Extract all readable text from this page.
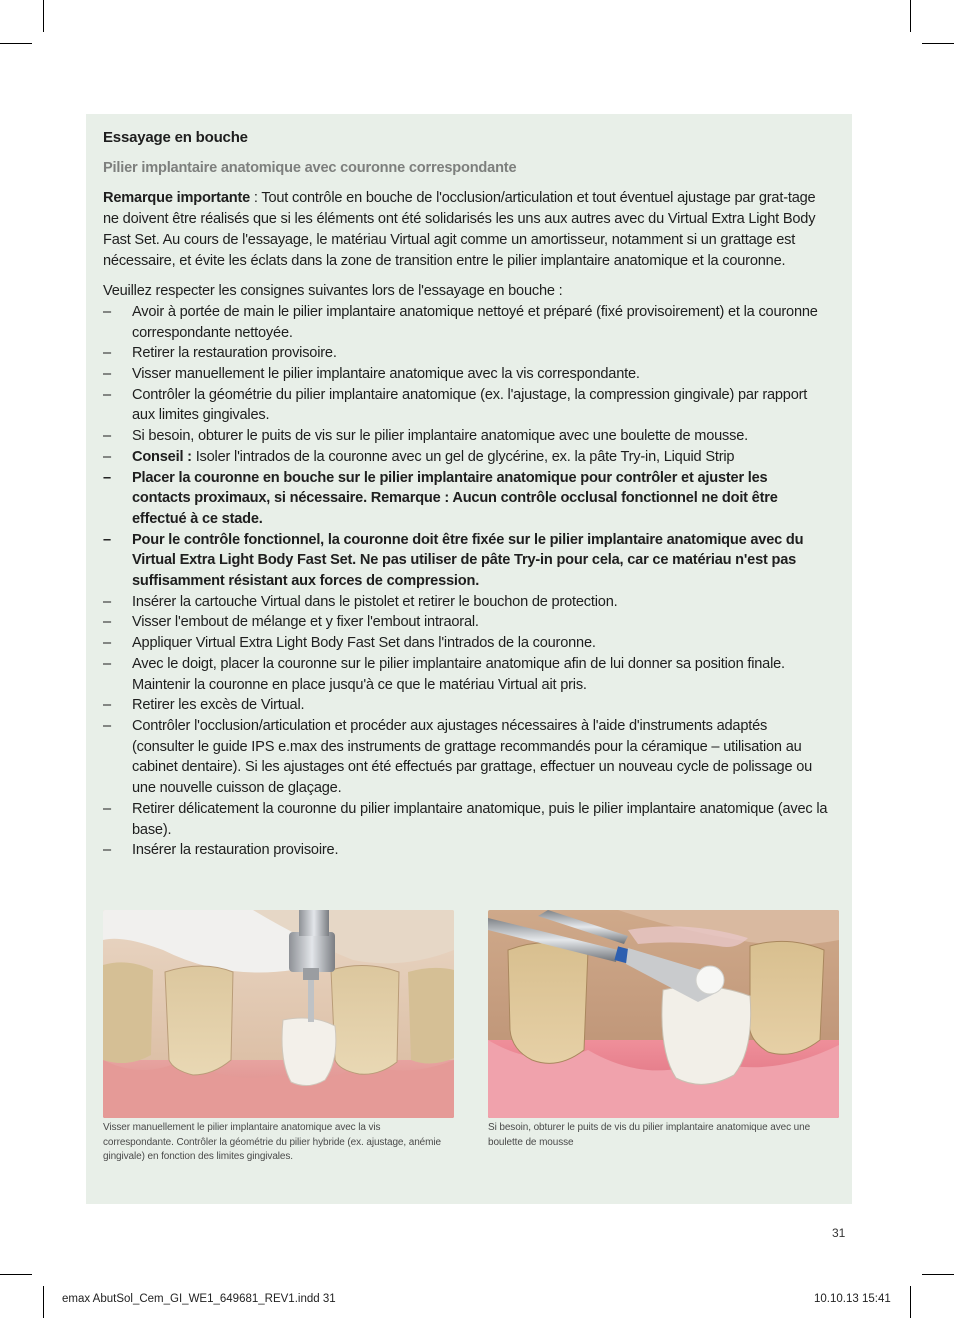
Essayage en bouche
Pilier implantaire anatomique avec couronne correspondante

Remarque importante : Tout contrôle en bouche de l'occlusion/articulation et tout éventuel ajustage par grat-tage ne doivent être réalisés que si les éléments ont été solidarisés les uns aux autres avec du Virtual Extra Light Body Fast Set. Au cours de l'essayage, le matériau Virtual agit comme un amortisseur, notamment si un grattage est nécessaire, et évite les éclats dans la zone de transition entre le pilier implantaire anatomique et la couronne.

Veuillez respecter les consignes suivantes lors de l'essayage en bouche :

– Avoir à portée de main le pilier implantaire anatomique nettoyé et préparé (fixé provisoirement) et la couronne correspondante nettoyée.
– Retirer la restauration provisoire.
– Visser manuellement le pilier implantaire anatomique avec la vis correspondante.
– Contrôler la géométrie du pilier implantaire anatomique (ex. l'ajustage, la compression gingivale) par rapport aux limites gingivales.
– Si besoin, obturer le puits de vis sur le pilier implantaire anatomique avec une boulette de mousse.
– Conseil : Isoler l'intrados de la couronne avec un gel de glycérine, ex. la pâte Try-in, Liquid Strip
– Placer la couronne en bouche sur le pilier implantaire anatomique pour contrôler et ajuster les contacts proximaux, si nécessaire. Remarque : Aucun contrôle occlusal fonctionnel ne doit être effectué à ce stade.
– Pour le contrôle fonctionnel, la couronne doit être fixée sur le pilier implantaire anatomique avec du Virtual Extra Light Body Fast Set. Ne pas utiliser de pâte Try-in pour cela, car ce matériau n'est pas suffisamment résistant aux forces de compression.
– Insérer la cartouche Virtual dans le pistolet et retirer le bouchon de protection.
– Visser l'embout de mélange et y fixer l'embout intraoral.
– Appliquer Virtual Extra Light Body Fast Set dans l'intrados de la couronne.
– Avec le doigt, placer la couronne sur le pilier implantaire anatomique afin de lui donner sa position finale. Maintenir la couronne en place jusqu'à ce que le matériau Virtual ait pris.
– Retirer les excès de Virtual.
– Contrôler l'occlusion/articulation et procéder aux ajustages nécessaires à l'aide d'instruments adaptés (consulter le guide IPS e.max des instruments de grattage recommandés pour la céramique – utilisation au cabinet dentaire). Si les ajustages ont été effectués par grattage, effectuer un nouveau cycle de polissage ou une nouvelle cuisson de glaçage.
– Retirer délicatement la couronne du pilier implantaire anatomique, puis le pilier implantaire anatomique (avec la base).
– Insérer la restauration provisoire.
Visser manuellement le pilier implantaire anatomique avec la vis correspondante. Contrôler la géométrie du pilier hybride (ex. ajustage, anémie gingivale) en fonction des limites gingivales.
Si besoin, obturer le puits de vis du pilier implantaire anatomique avec une boulette de mousse
31
emax AbutSol_Cem_GI_WE1_649681_REV1.indd 31	10.10.13 15:41
